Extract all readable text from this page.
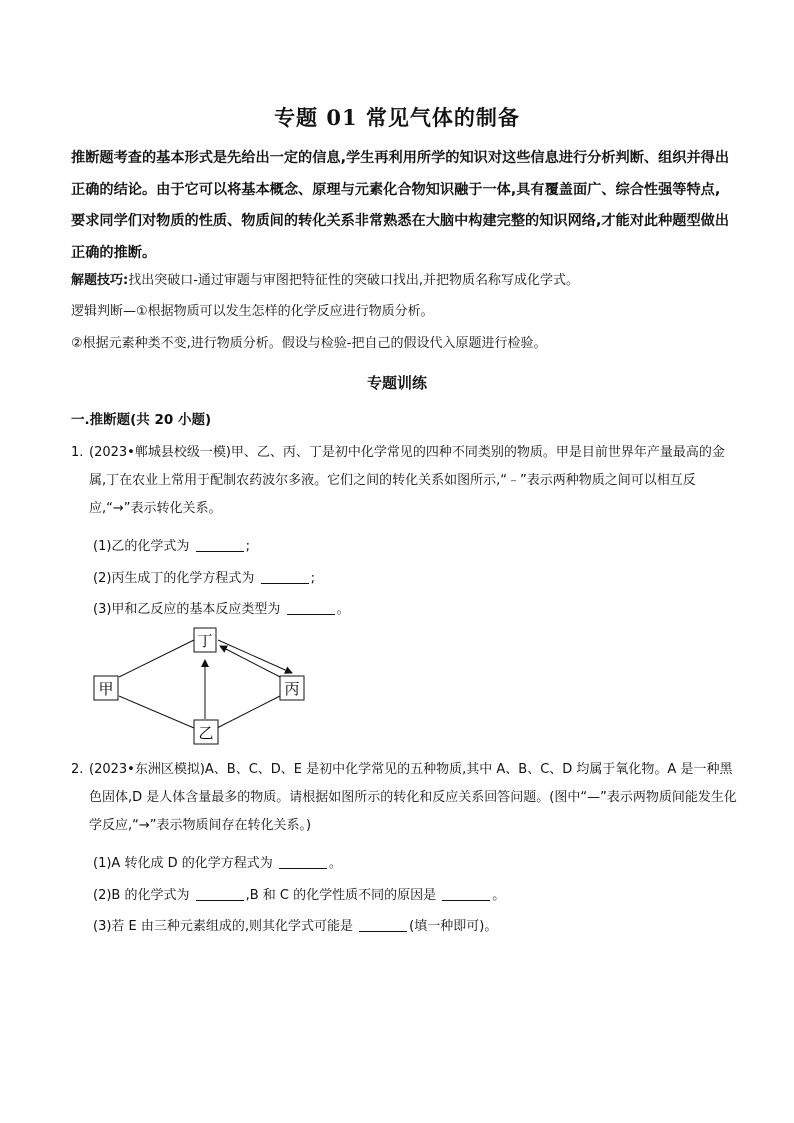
专题 01 常见气体的制备
推断题考查的基本形式是先给出一定的信息,学生再利用所学的知识对这些信息进行分析判断、组织并得出正确的结论。由于它可以将基本概念、原理与元素化合物知识融于一体,具有覆盖面广、综合性强等特点,要求同学们对物质的性质、物质间的转化关系非常熟悉在大脑中构建完整的知识网络,才能对此种题型做出正确的推断。
解题技巧:找出突破口-通过审题与审图把特征性的突破口找出,并把物质名称写成化学式。
逻辑判断—①根据物质可以发生怎样的化学反应进行物质分析。
②根据元素种类不变,进行物质分析。假设与检验-把自己的假设代入原题进行检验。
专题训练
一.推断题(共 20 小题)
1. (2023•郸城县校级一模)甲、乙、丙、丁是初中化学常见的四种不同类别的物质。甲是目前世界年产量最高的金属,丁在农业上常用于配制农药波尔多液。它们之间的转化关系如图所示,“﹣”表示两种物质之间可以相互反应,“→”表示转化关系。
(1)乙的化学式为	;
(2)丙生成丁的化学方程式为	;
(3)甲和乙反应的基本反应类型为	。
丁
甲	丙
乙
2. (2023•东洲区模拟)A、B、C、D、E 是初中化学常见的五种物质,其中 A、B、C、D 均属于氧化物。A 是一种黑色固体,D 是人体含量最多的物质。请根据如图所示的转化和反应关系回答问题。(图中“—”表示两物质间能发生化学反应,“→”表示物质间存在转化关系。)
(1)A 转化成 D 的化学方程式为	。
(2)B 的化学式为	,B 和 C 的化学性质不同的原因是	。
(3)若 E 由三种元素组成的,则其化学式可能是	(填一种即可)。
